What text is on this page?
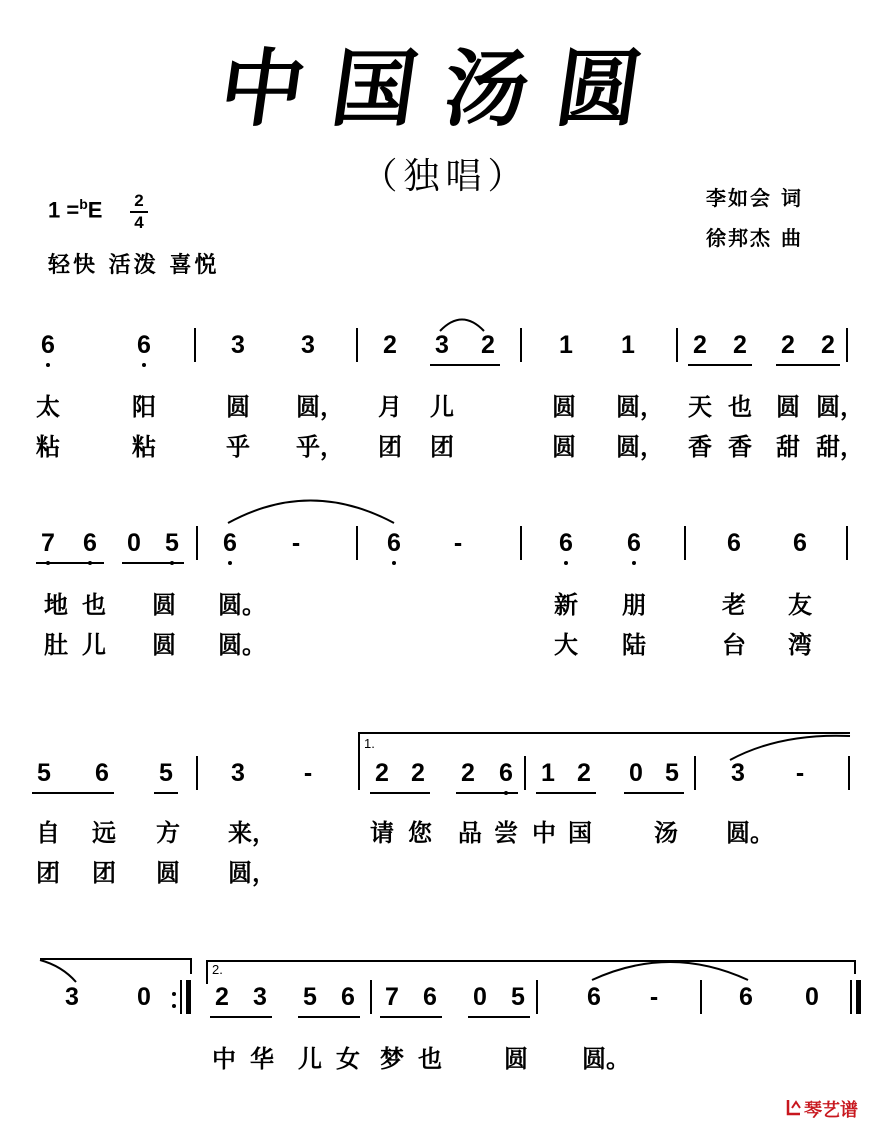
中国汤圆
（独唱）
李如会 词
徐邦杰 曲
1 =$^b$E	2
4
轻快 活泼 喜悦
6	6	3 3	2 3 2	1 1 2 2 2 2
太	阳	圆 圆， 月 儿	圆 圆， 天 也 圆 圆，
粘	粘	乎 乎， 团 团	圆 圆， 香 香 甜 甜，
7 6 0 5 6	-	6	-	6 6	6 6
地 也 圆 圆。	新 朋	老 友
肚 儿 圆 圆。	大 陆	台 湾
1.
5 6 5 3	-	2 2 2 6 1 2 0 5 3	-
自 远 方 来，	请 您 品 尝 中 国	汤 圆。
团 团 圆 圆，
2.
3 0	2 3 5 6 7 6 0 5 6	-	6 0
中 华 儿 女 梦 也	圆 圆。
琴艺谱
